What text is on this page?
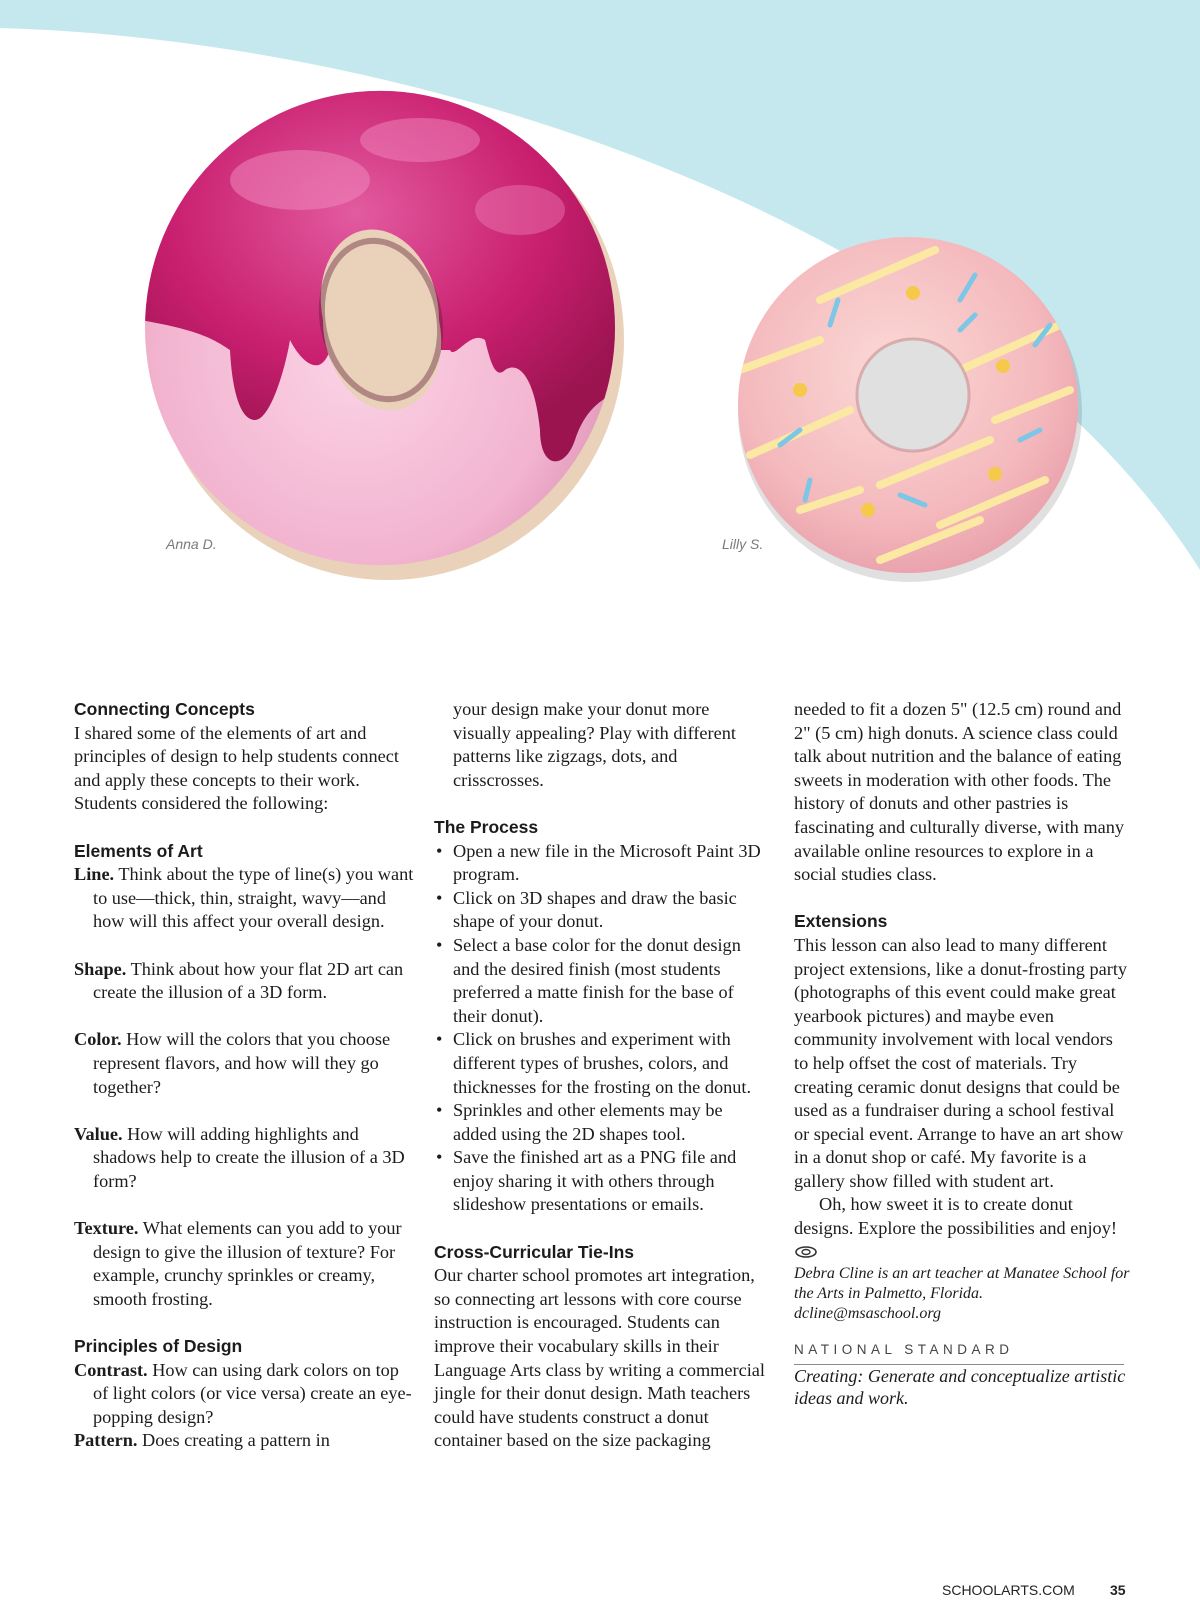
Anna D.	Lilly S.

Connecting Concepts

I shared some of the elements of art and principles of design to help students connect and apply these concepts to their work. Students considered the following:

Elements of Art

Line. Think about the type of line(s) you want to use—thick, thin, straight, wavy—and how will this affect your overall design.

Shape. Think about how your flat 2D art can create the illusion of a 3D form.

Color. How will the colors that you choose represent flavors, and how will they go together?

Value. How will adding highlights and shadows help to create the illusion of a 3D form?

Texture. What elements can you add to your design to give the illusion of texture? For example, crunchy sprinkles or creamy, smooth frosting.

Principles of Design

Contrast. How can using dark colors on top of light colors (or vice versa) create an eye-popping design?

Pattern. Does creating a pattern in

your design make your donut more visually appealing? Play with different patterns like zigzags, dots, and crisscrosses.

The Process

• Open a new file in the Microsoft Paint 3D program.
• Click on 3D shapes and draw the basic shape of your donut.
• Select a base color for the donut design and the desired finish (most students preferred a matte finish for the base of their donut).
• Click on brushes and experiment with different types of brushes, colors, and thicknesses for the frosting on the donut.
• Sprinkles and other elements may be added using the 2D shapes tool.
• Save the finished art as a PNG file and enjoy sharing it with others through slideshow presentations or emails.

Cross-Curricular Tie-Ins

Our charter school promotes art integration, so connecting art lessons with core course instruction is encouraged. Students can improve their vocabulary skills in their Language Arts class by writing a commercial jingle for their donut design. Math teachers could have students construct a donut container based on the size packaging

needed to fit a dozen 5" (12.5 cm) round and 2" (5 cm) high donuts. A science class could talk about nutrition and the balance of eating sweets in moderation with other foods. The history of donuts and other pastries is fascinating and culturally diverse, with many available online resources to explore in a social studies class.

Extensions

This lesson can also lead to many different project extensions, like a donut-frosting party (photographs of this event could make great yearbook pictures) and maybe even community involvement with local vendors to help offset the cost of materials. Try creating ceramic donut designs that could be used as a fundraiser during a school festival or special event. Arrange to have an art show in a donut shop or café. My favorite is a gallery show filled with student art.

Oh, how sweet it is to create donut designs. Explore the possibilities and enjoy!

Debra Cline is an art teacher at Manatee School for the Arts in Palmetto, Florida.
dcline@msaschool.org

NATIONAL STANDARD

Creating: Generate and conceptualize artistic ideas and work.

SCHOOLARTS.COM	35
